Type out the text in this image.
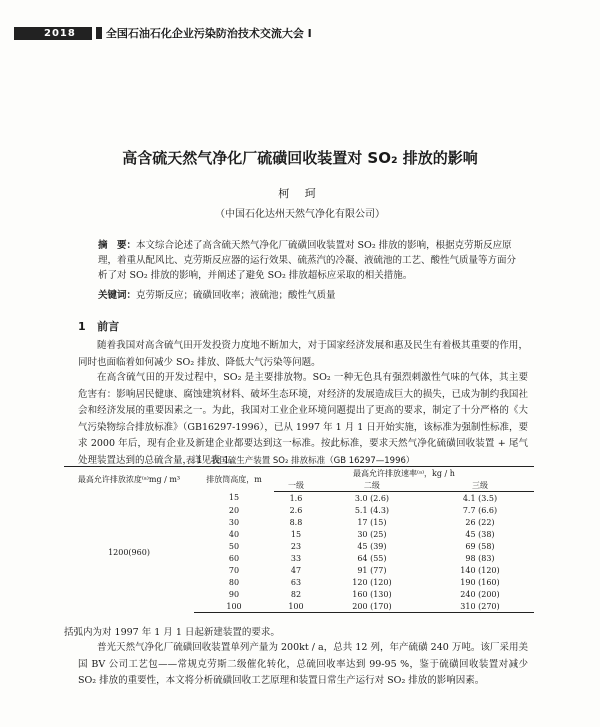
2018	全国石油石化企业污染防治技术交流大会 I
高含硫天然气净化厂硫磺回收装置对 SO₂ 排放的影响
柯 珂
（中国石化达州天然气净化有限公司）
摘　要：本文综合论述了高含硫天然气净化厂硫磺回收装置对 SO₂ 排放的影响，根据克劳斯反应原理，着重从配风比、克劳斯反应器的运行效果、硫蒸汽的冷凝、液硫池的工艺、酸性气质量等方面分析了对 SO₂ 排放的影响，并阐述了避免 SO₂ 排放超标应采取的相关措施。
关键词：克劳斯反应；硫磺回收率；液硫池；酸性气质量
1 前言
随着我国对高含硫气田开发投资力度地不断加大，对于国家经济发展和惠及民生有着极其重要的作用，同时也面临着如何减少 SO₂ 排放、降低大气污染等问题。
在高含硫气田的开发过程中，SO₂ 是主要排放物。SO₂ 一种无色具有强烈刺激性气味的气体，其主要危害有：影响居民健康、腐蚀建筑材料、破坏生态环境，对经济的发展造成巨大的损失，已成为制约我国社会和经济发展的重要因素之一。为此，我国对工业企业环境问题提出了更高的要求，制定了十分严格的《大气污染物综合排放标准》（GB16297-1996），已从 1997 年 1 月 1 日开始实施，该标准为强制性标准，要求 2000 年后，现有企业及新建企业都要达到这一标准。按此标准，要求天然气净化硫磺回收装置 + 尾气处理装置达到的总硫含量，详见表 1。
表 1　我国硫生产装置 SO₂ 排放标准（GB 16297—1996）
最高允许排放浓度⁽ᵃ⁾mg / m³	排放筒高度，m	最高允许排放速率⁽ᵃ⁾，kg / h		
		一级	二级	三级
1200(960)	15	1.6	3.0 (2.6)	4.1 (3.5)
	20	2.6	5.1 (4.3)	7.7 (6.6)
	30	8.8	17 (15)	26 (22)
	40	15	30 (25)	45 (38)
	50	23	45 (39)	69 (58)
	60	33	64 (55)	98 (83)
	70	47	91 (77)	140 (120)
	80	63	120 (120)	190 (160)
	90	82	160 (130)	240 (200)
	100	100	200 (170)	310 (270)
括弧内为对 1997 年 1 月 1 日起新建装置的要求。
普光天然气净化厂硫磺回收装置单列产量为 200kt / a，总共 12 列，年产硫磺 240 万吨。该厂采用美国 BV 公司工艺包——常规克劳斯二级催化转化，总硫回收率达到 99-95 %，鉴于硫磺回收装置对减少 SO₂ 排放的重要性，本文将分析硫磺回收工艺原理和装置日常生产运行对 SO₂ 排放的影响因素。
